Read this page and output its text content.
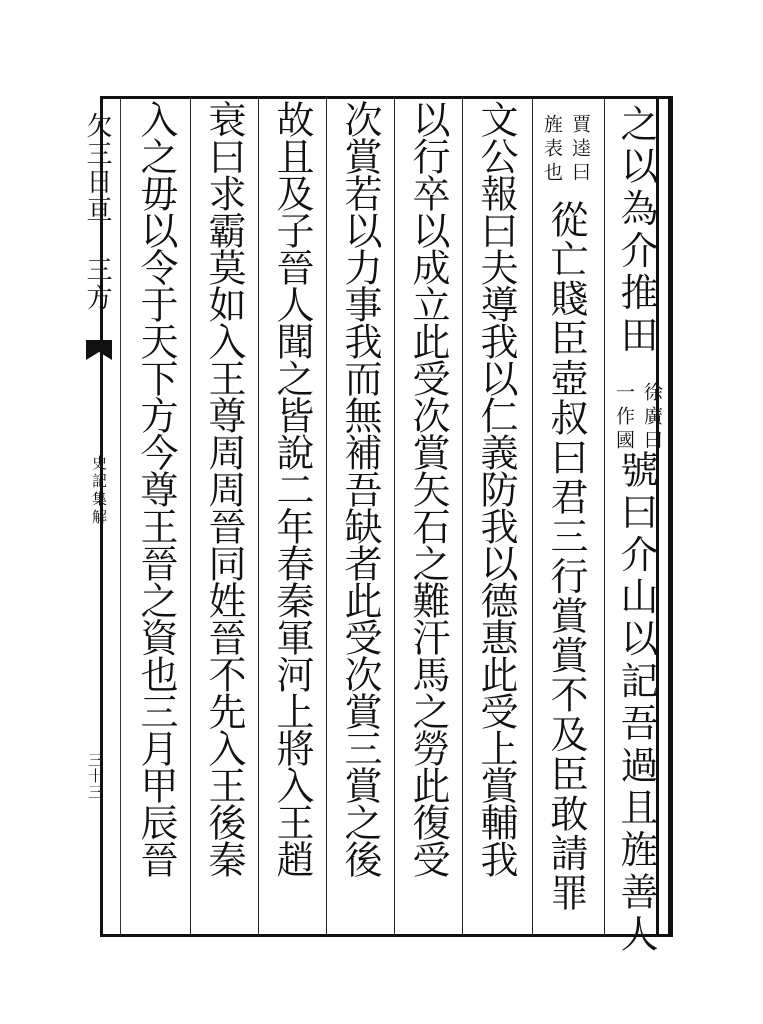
欠三日亘 三方
史記集解
三十三
之以為介推田
徐廣曰
一作國
號曰介山以記吾過且旌善人
賈逵曰
旌表也
從亡賤臣壺叔曰君三行賞賞不及臣敢請罪
文公報曰夫導我以仁義防我以德惠此受上賞輔我
以行卒以成立此受次賞矢石之難汗馬之勞此復受
次賞若以力事我而無補吾缺者此受次賞三賞之後
故且及子晉人聞之皆說二年春秦軍河上將入王趙
衰曰求霸莫如入王尊周周晉同姓晉不先入王後秦
入之毋以令于天下方今尊王晉之資也三月甲辰晉
